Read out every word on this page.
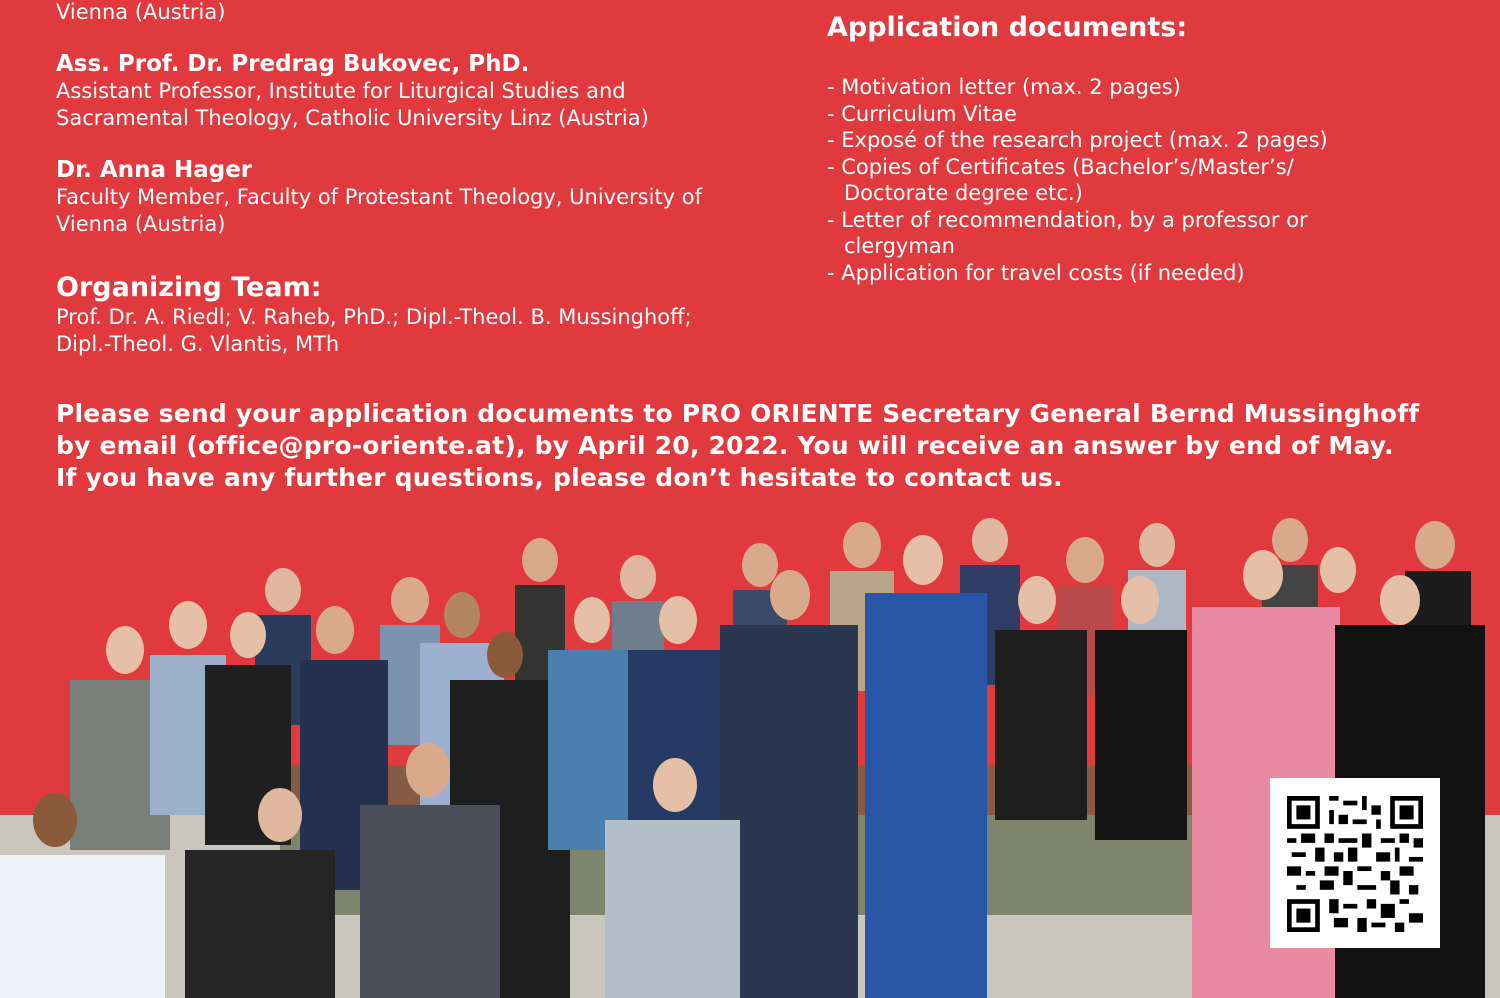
Vienna (Austria)
Ass. Prof. Dr. Predrag Bukovec, PhD.
Assistant Professor, Institute for Liturgical Studies and
Sacramental Theology, Catholic University Linz (Austria)
Dr. Anna Hager
Faculty Member, Faculty of Protestant Theology, University of
Vienna (Austria)
Organizing Team:
Prof. Dr. A. Riedl; V. Raheb, PhD.; Dipl.-Theol. B. Mussinghoff;
Dipl.-Theol. G. Vlantis, MTh
Application documents:
- Motivation letter (max. 2 pages)
- Curriculum Vitae
- Exposé of the research project (max. 2 pages)
- Copies of Certificates (Bachelor’s/Master’s/ Doctorate degree etc.)
- Letter of recommendation, by a professor or clergyman
- Application for travel costs (if needed)
Please send your application documents to PRO ORIENTE Secretary General Bernd Mussinghoff
by email (office@pro-oriente.at), by April 20, 2022. You will receive an answer by end of May.
If you have any further questions, please don’t hesitate to contact us.
